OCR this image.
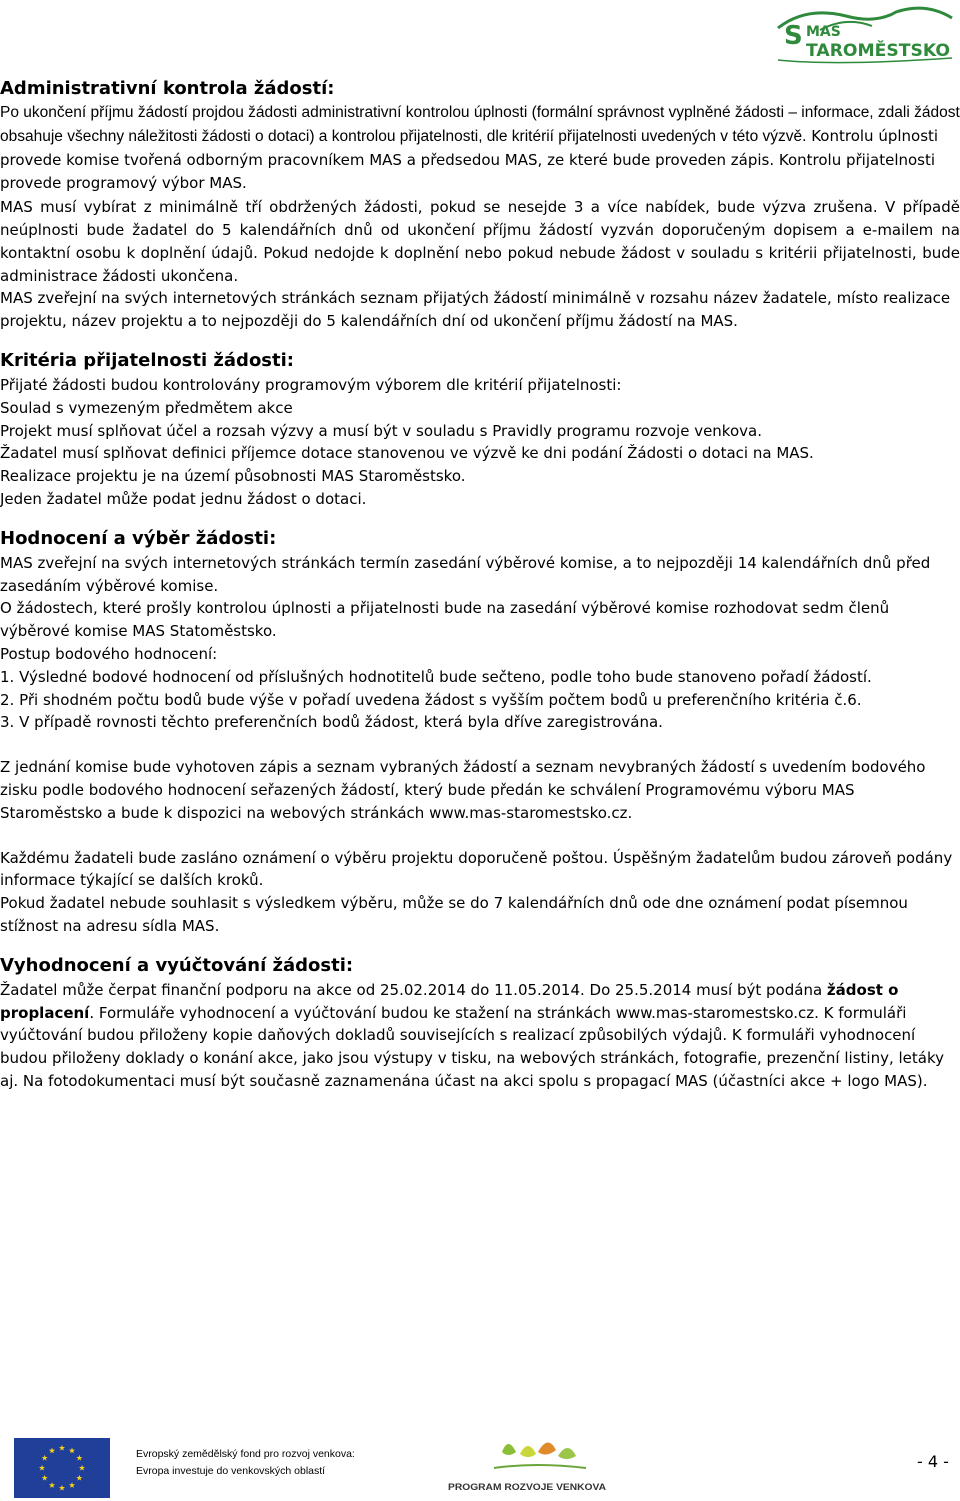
S MAS
TAROMĚSTSKO
Administrativní kontrola žádostí:

Po ukončení příjmu žádostí projdou žádosti administrativní kontrolou úplnosti (formální správnost vyplněné žádosti – informace, zdali žádost obsahuje všechny náležitosti žádosti o dotaci) a kontrolou přijatelnosti, dle kritérií přijatelnosti uvedených v této výzvě. Kontrolu úplnosti provede komise tvořená odborným pracovníkem MAS a předsedou MAS, ze které bude proveden zápis. Kontrolu přijatelnosti provede programový výbor MAS.

MAS musí vybírat z minimálně tří obdržených žádosti, pokud se nesejde 3 a více nabídek, bude výzva zrušena. V případě neúplnosti bude žadatel do 5 kalendářních dnů od ukončení příjmu žádostí vyzván doporučeným dopisem a e-mailem na kontaktní osobu k doplnění údajů. Pokud nedojde k doplnění nebo pokud nebude žádost v souladu s kritérii přijatelnosti, bude administrace žádosti ukončena.

MAS zveřejní na svých internetových stránkách seznam přijatých žádostí minimálně v rozsahu název žadatele, místo realizace projektu, název projektu a to nejpozději do 5 kalendářních dní od ukončení příjmu žádostí na MAS.

Kritéria přijatelnosti žádosti:

Přijaté žádosti budou kontrolovány programovým výborem dle kritérií přijatelnosti:

Soulad s vymezeným předmětem akce

Projekt musí splňovat účel a rozsah výzvy a musí být v souladu s Pravidly programu rozvoje venkova.

Žadatel musí splňovat definici příjemce dotace stanovenou ve výzvě ke dni podání Žádosti o dotaci na MAS.

Realizace projektu je na území působnosti MAS Staroměstsko.

Jeden žadatel může podat jednu žádost o dotaci.

Hodnocení a výběr žádosti:

MAS zveřejní na svých internetových stránkách termín zasedání výběrové komise, a to nejpozději 14 kalendářních dnů před zasedáním výběrové komise.

O žádostech, které prošly kontrolou úplnosti a přijatelnosti bude na zasedání výběrové komise rozhodovat sedm členů výběrové komise MAS Statoměstsko.

Postup bodového hodnocení:

1. Výsledné bodové hodnocení od příslušných hodnotitelů bude sečteno, podle toho bude stanoveno pořadí žádostí.

2. Při shodném počtu bodů bude výše v pořadí uvedena žádost s vyšším počtem bodů u preferenčního kritéria č.6.

3. V případě rovnosti těchto preferenčních bodů žádost, která byla dříve zaregistrována.

Z jednání komise bude vyhotoven zápis a seznam vybraných žádostí a seznam nevybraných žádostí s uvedením bodového zisku podle bodového hodnocení seřazených žádostí, který bude předán ke schválení Programovému výboru MAS Staroměstsko a bude k dispozici na webových stránkách www.mas-staromestsko.cz.

Každému žadateli bude zasláno oznámení o výběru projektu doporučeně poštou. Úspěšným žadatelům budou zároveň podány informace týkající se dalších kroků.

Pokud žadatel nebude souhlasit s výsledkem výběru, může se do 7 kalendářních dnů ode dne oznámení podat písemnou stížnost na adresu sídla MAS.

Vyhodnocení a vyúčtování žádosti:

Žadatel může čerpat finanční podporu na akce od 25.02.2014 do 11.05.2014. Do 25.5.2014 musí být podána žádost o proplacení. Formuláře vyhodnocení a vyúčtování budou ke stažení na stránkách www.mas-staromestsko.cz. K formuláři vyúčtování budou přiloženy kopie daňových dokladů souvisejících s realizací způsobilých výdajů. K formuláři vyhodnocení budou přiloženy doklady o konání akce, jako jsou výstupy v tisku, na webových stránkách, fotografie, prezenční listiny, letáky aj. Na fotodokumentaci musí být současně zaznamenána účast na akci spolu s propagací MAS (účastníci akce + logo MAS).

Evropský zemědělský fond pro rozvoj venkova:
Evropa investuje do venkovských oblastí
PROGRAM ROZVOJE VENKOVA
- 4 -
